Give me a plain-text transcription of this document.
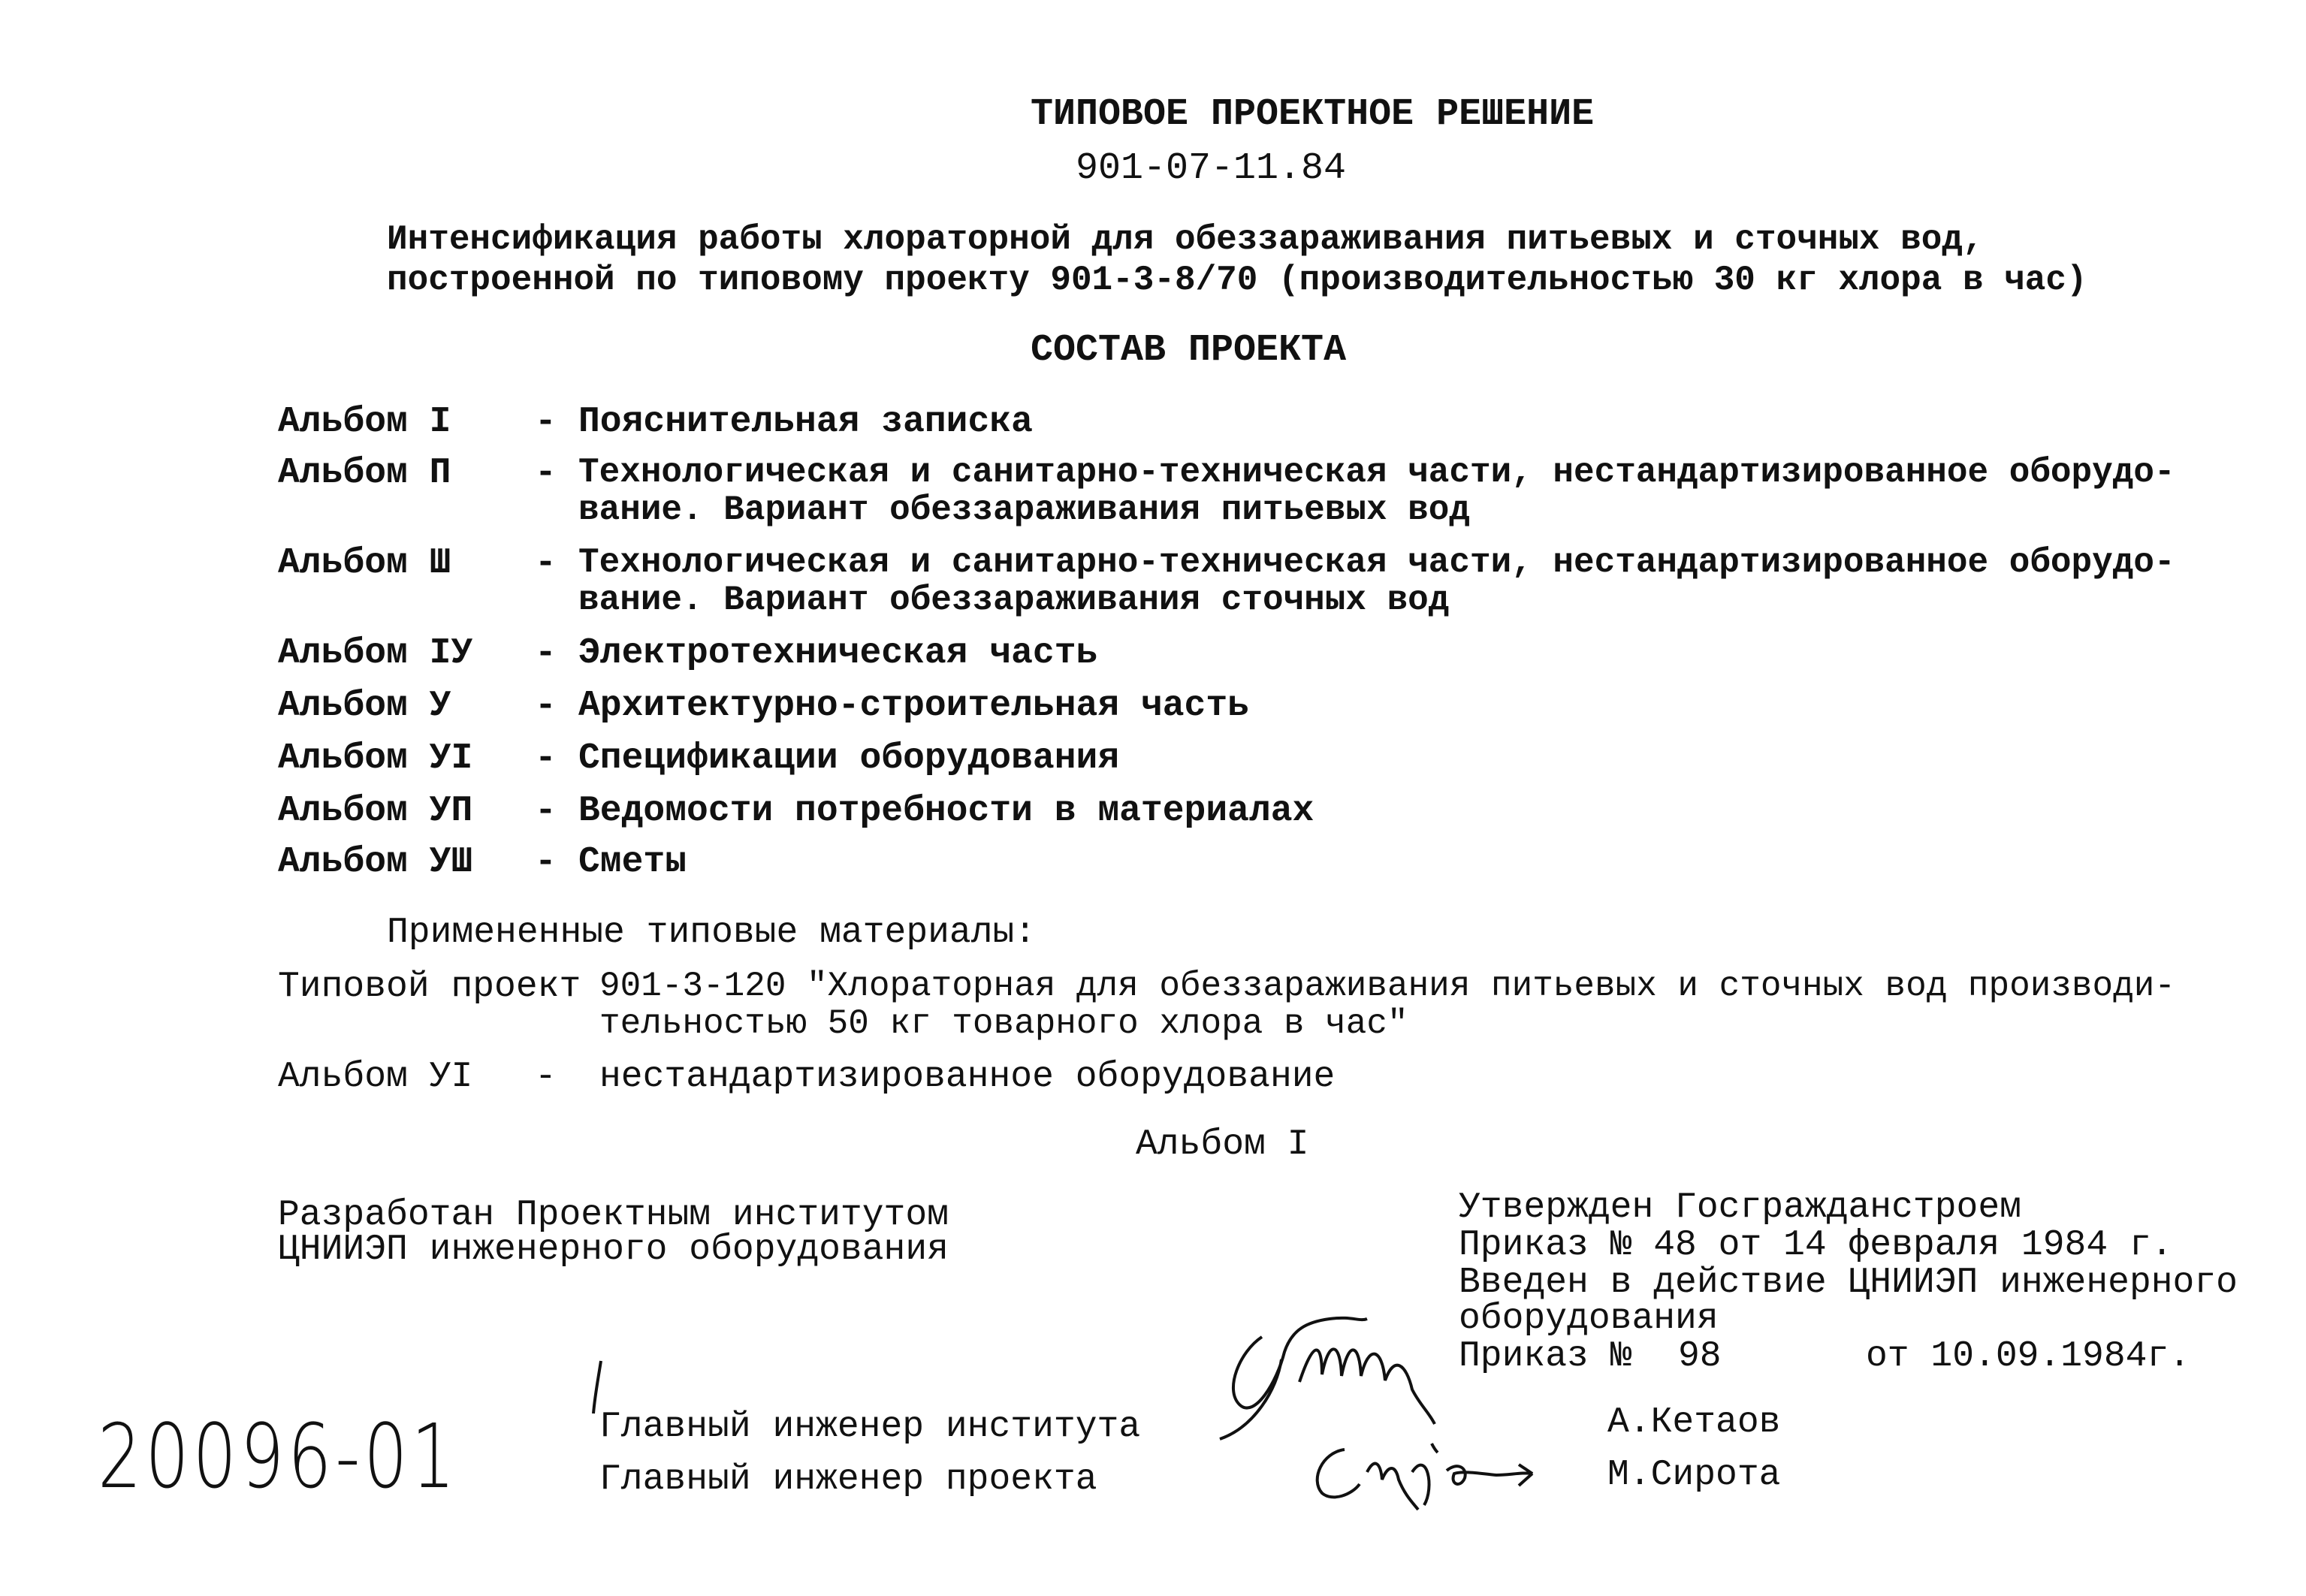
ТИПОВОЕ ПРОЕКТНОЕ РЕШЕНИЕ
901-07-11.84
Интенсификация работы хлораторной для обеззараживания питьевых и сточных вод,
построенной по типовому проекту 901-3-8/70 (производительностью 30 кг хлора в час)
СОСТАВ ПРОЕКТА
Альбом I - Пояснительная записка
Альбом П - Технологическая и санитарно-техническая части, нестандартизированное оборудо-
вание. Вариант обеззараживания питьевых вод
Альбом Ш - Технологическая и санитарно-техническая части, нестандартизированное оборудо-
вание. Вариант обеззараживания сточных вод
Альбом IУ - Электротехническая часть
Альбом У - Архитектурно-строительная часть
Альбом УI - Спецификации оборудования
Альбом УП - Ведомости потребности в материалах
Альбом УШ - Сметы
Примененные типовые материалы:
Типовой проект 901-3-120 "Хлораторная для обеззараживания питьевых и сточных вод производи-
тельностью 50 кг товарного хлора в час"
Альбом УI - нестандартизированное оборудование
Альбом I
Разработан Проектным институтом
ЦНИИЭП инженерного оборудования
Утвержден Госгражданстроем
Приказ № 48 от 14 февраля 1984 г.
Введен в действие ЦНИИЭП инженерного
оборудования
Приказ № 98	от 10.09.1984г.
Главный инженер института	А.Кетаов
Главный инженер проекта	М.Сирота
20096-01
